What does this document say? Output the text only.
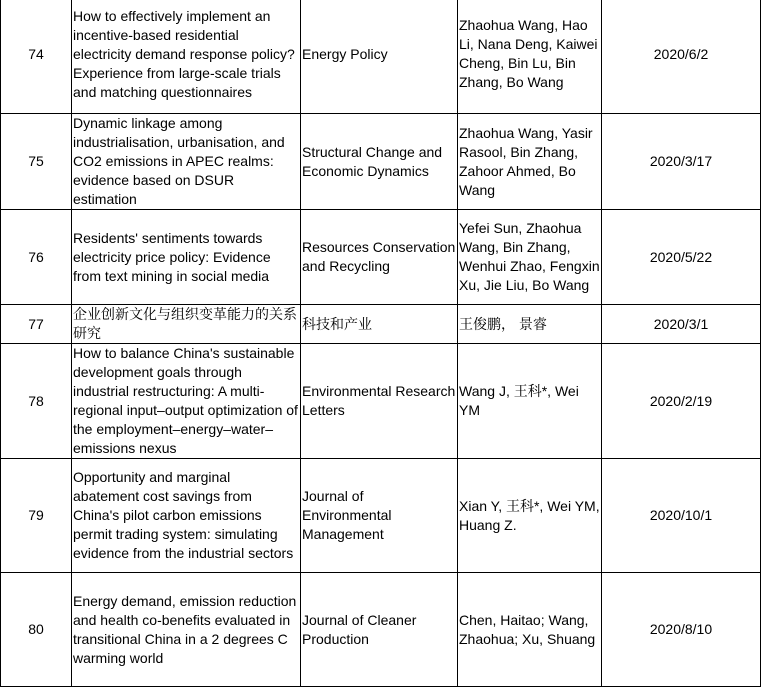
74	How to effectively implement an incentive-based residential electricity demand response policy? Experience from large-scale trials and matching questionnaires	Energy Policy	Zhaohua Wang, Hao Li, Nana Deng, Kaiwei Cheng, Bin Lu, Bin Zhang, Bo Wang	2020/6/2
75	Dynamic linkage among industrialisation, urbanisation, and CO2 emissions in APEC realms: evidence based on DSUR estimation	Structural Change and Economic Dynamics	Zhaohua Wang, Yasir Rasool, Bin Zhang, Zahoor Ahmed, Bo Wang	2020/3/17
76	Residents' sentiments towards electricity price policy: Evidence from text mining in social media	Resources Conservation and Recycling	Yefei Sun, Zhaohua Wang, Bin Zhang, Wenhui Zhao, Fengxin Xu, Jie Liu, Bo Wang	2020/5/22
77	企业创新文化与组织变革能力的关系研究	科技和产业	王俊鹏， 景睿	2020/3/1
78	How to balance China's sustainable development goals through industrial restructuring: A multi-regional input–output optimization of the employment–energy–water–emissions nexus	Environmental Research Letters	Wang J, 王科*, Wei YM	2020/2/19
79	Opportunity and marginal abatement cost savings from China's pilot carbon emissions permit trading system: simulating evidence from the industrial sectors	Journal of Environmental Management	Xian Y, 王科*, Wei YM, Huang Z.	2020/10/1
80	Energy demand, emission reduction and health co-benefits evaluated in transitional China in a 2 degrees C warming world	Journal of Cleaner Production	Chen, Haitao; Wang, Zhaohua; Xu, Shuang	2020/8/10
